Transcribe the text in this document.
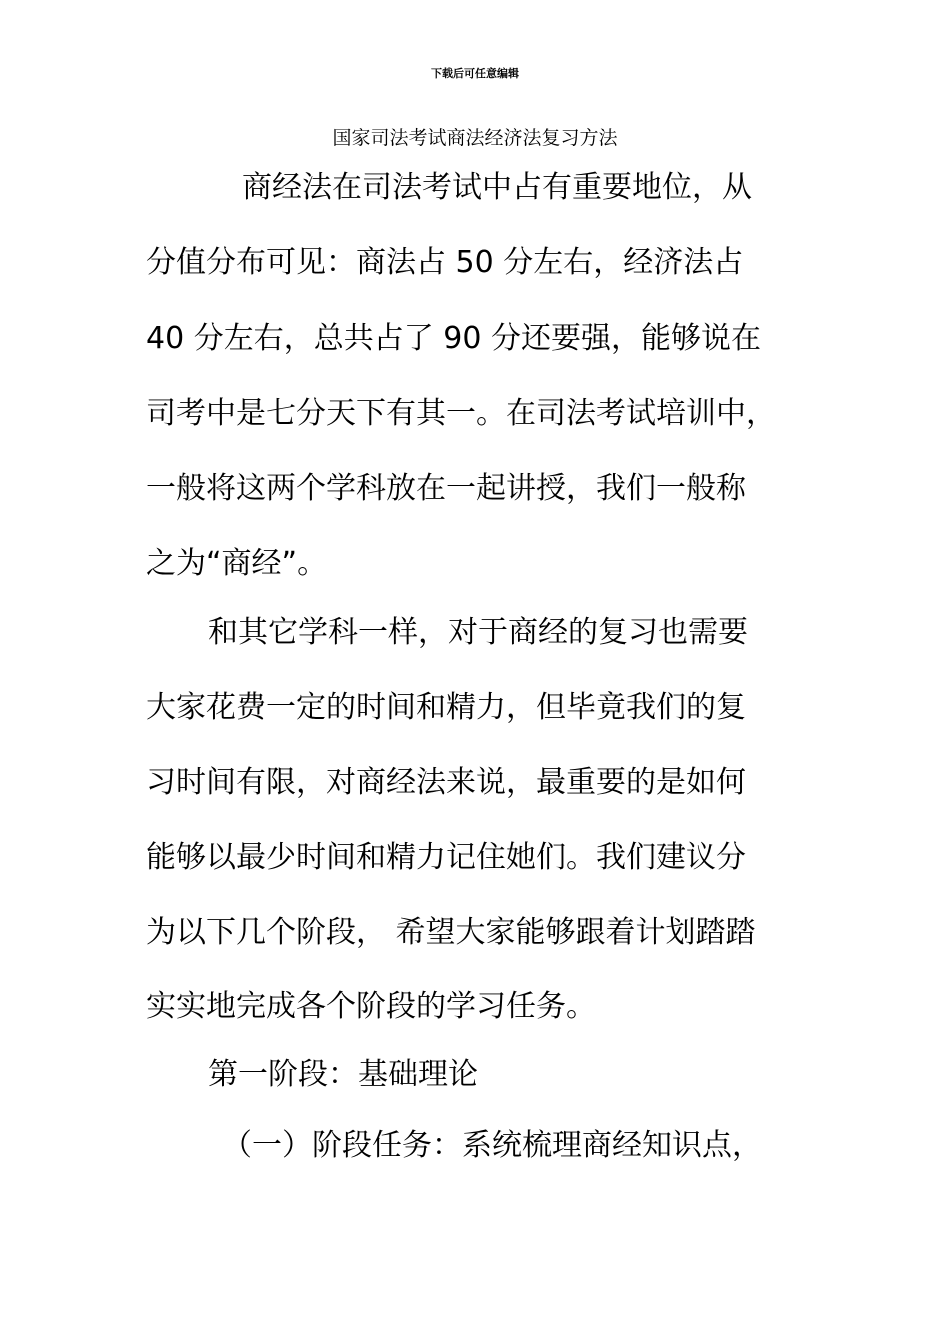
下载后可任意编辑
国家司法考试商法经济法复习方法
商经法在司法考试中占有重要地位，从
分值分布可见：商法占 50 分左右，经济法占
40 分左右，总共占了 90 分还要强，能够说在
司考中是七分天下有其一。在司法考试培训中，
一般将这两个学科放在一起讲授，我们一般称
之为“商经”。
和其它学科一样，对于商经的复习也需要
大家花费一定的时间和精力，但毕竟我们的复
习时间有限，对商经法来说，最重要的是如何
能够以最少时间和精力记住她们。我们建议分
为以下几个阶段， 希望大家能够跟着计划踏踏
实实地完成各个阶段的学习任务。
第一阶段：基础理论
（一）阶段任务：系统梳理商经知识点，
